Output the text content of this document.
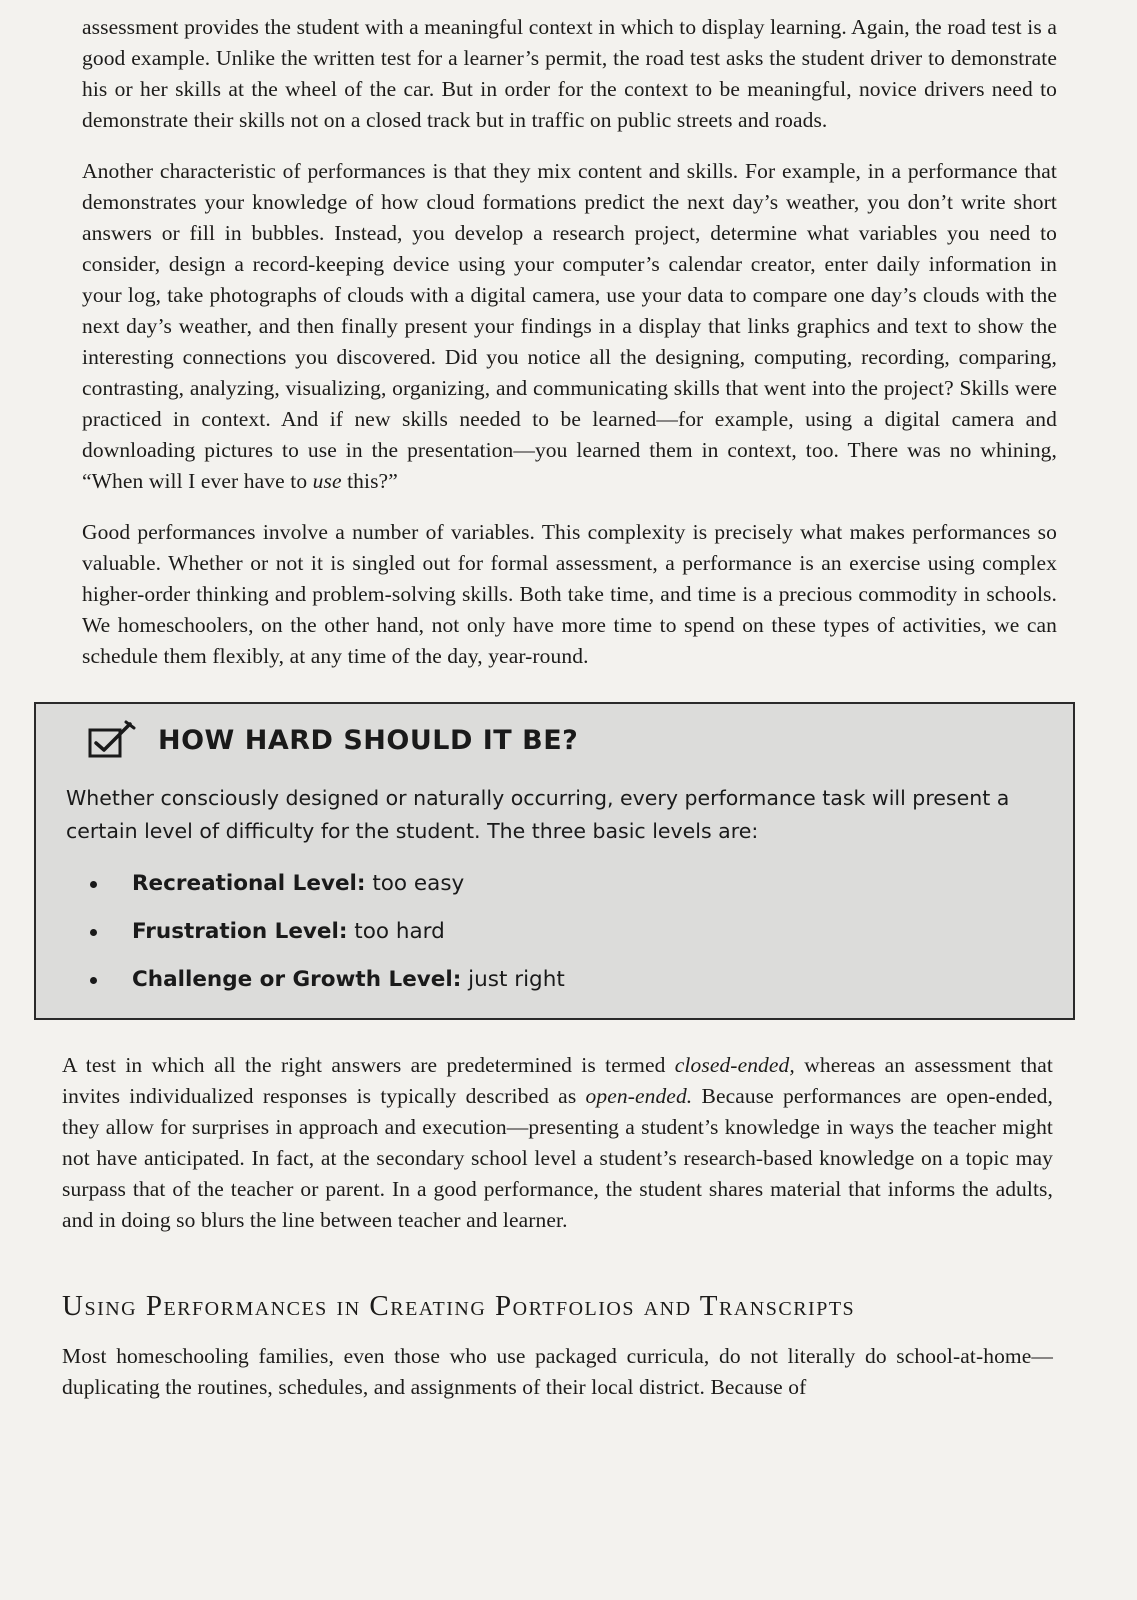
assessment provides the student with a meaningful context in which to display learning. Again, the road test is a good example. Unlike the written test for a learner’s permit, the road test asks the student driver to demonstrate his or her skills at the wheel of the car. But in order for the context to be meaningful, novice drivers need to demonstrate their skills not on a closed track but in traffic on public streets and roads.

Another characteristic of performances is that they mix content and skills. For example, in a performance that demonstrates your knowledge of how cloud formations predict the next day’s weather, you don’t write short answers or fill in bubbles. Instead, you develop a research project, determine what variables you need to consider, design a record-keeping device using your computer’s calendar creator, enter daily information in your log, take photographs of clouds with a digital camera, use your data to compare one day’s clouds with the next day’s weather, and then finally present your findings in a display that links graphics and text to show the interesting connections you discovered. Did you notice all the designing, computing, recording, comparing, contrasting, analyzing, visualizing, organizing, and communicating skills that went into the project? Skills were practiced in context. And if new skills needed to be learned—for example, using a digital camera and downloading pictures to use in the presentation—you learned them in context, too. There was no whining, “When will I ever have to use this?”

Good performances involve a number of variables. This complexity is precisely what makes performances so valuable. Whether or not it is singled out for formal assessment, a performance is an exercise using complex higher-order thinking and problem-solving skills. Both take time, and time is a precious commodity in schools. We homeschoolers, on the other hand, not only have more time to spend on these types of activities, we can schedule them flexibly, at any time of the day, year-round.

HOW HARD SHOULD IT BE?

Whether consciously designed or naturally occurring, every performance task will present a certain level of difficulty for the student. The three basic levels are:

Recreational Level: too easy
Frustration Level: too hard
Challenge or Growth Level: just right

A test in which all the right answers are predetermined is termed closed-ended, whereas an assessment that invites individualized responses is typically described as open-ended. Because performances are open-ended, they allow for surprises in approach and execution—presenting a student’s knowledge in ways the teacher might not have anticipated. In fact, at the secondary school level a student’s research-based knowledge on a topic may surpass that of the teacher or parent. In a good performance, the student shares material that informs the adults, and in doing so blurs the line between teacher and learner.

Using Performances in Creating Portfolios and Transcripts

Most homeschooling families, even those who use packaged curricula, do not literally do school-at-home—duplicating the routines, schedules, and assignments of their local district. Because of
